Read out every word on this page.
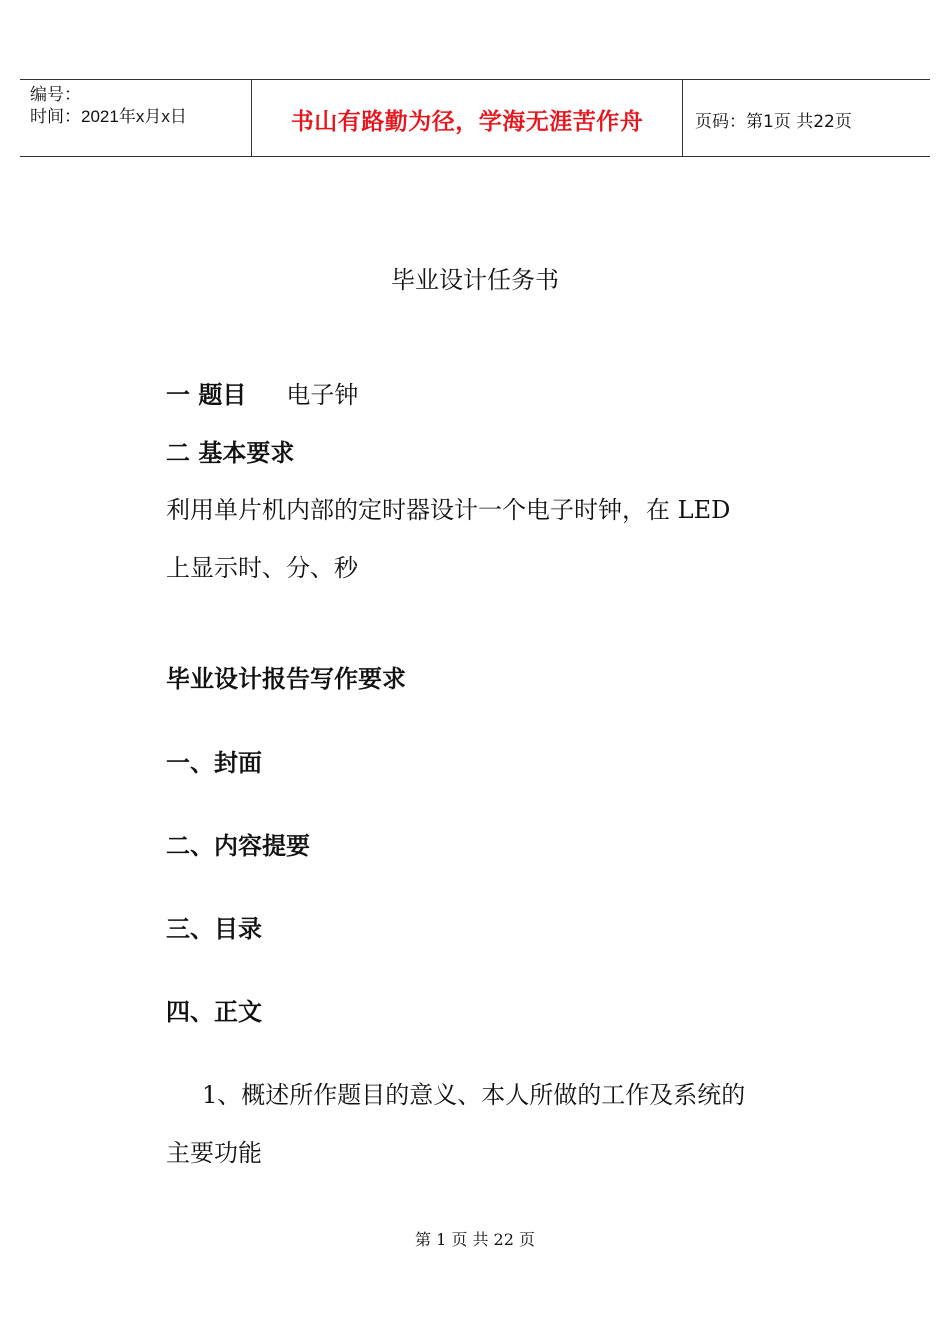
编号：
时间：2021年x月x日	书山有路勤为径，学海无涯苦作舟	页码：第1页 共22页
毕业设计任务书
一 题目 电子钟
二 基本要求
利用单片机内部的定时器设计一个电子时钟，在 LED
上显示时、分、秒
毕业设计报告写作要求
一、封面
二、内容提要
三、目录
四、正文
1、概述所作题目的意义、本人所做的工作及系统的
主要功能
第 1 页 共 22 页
